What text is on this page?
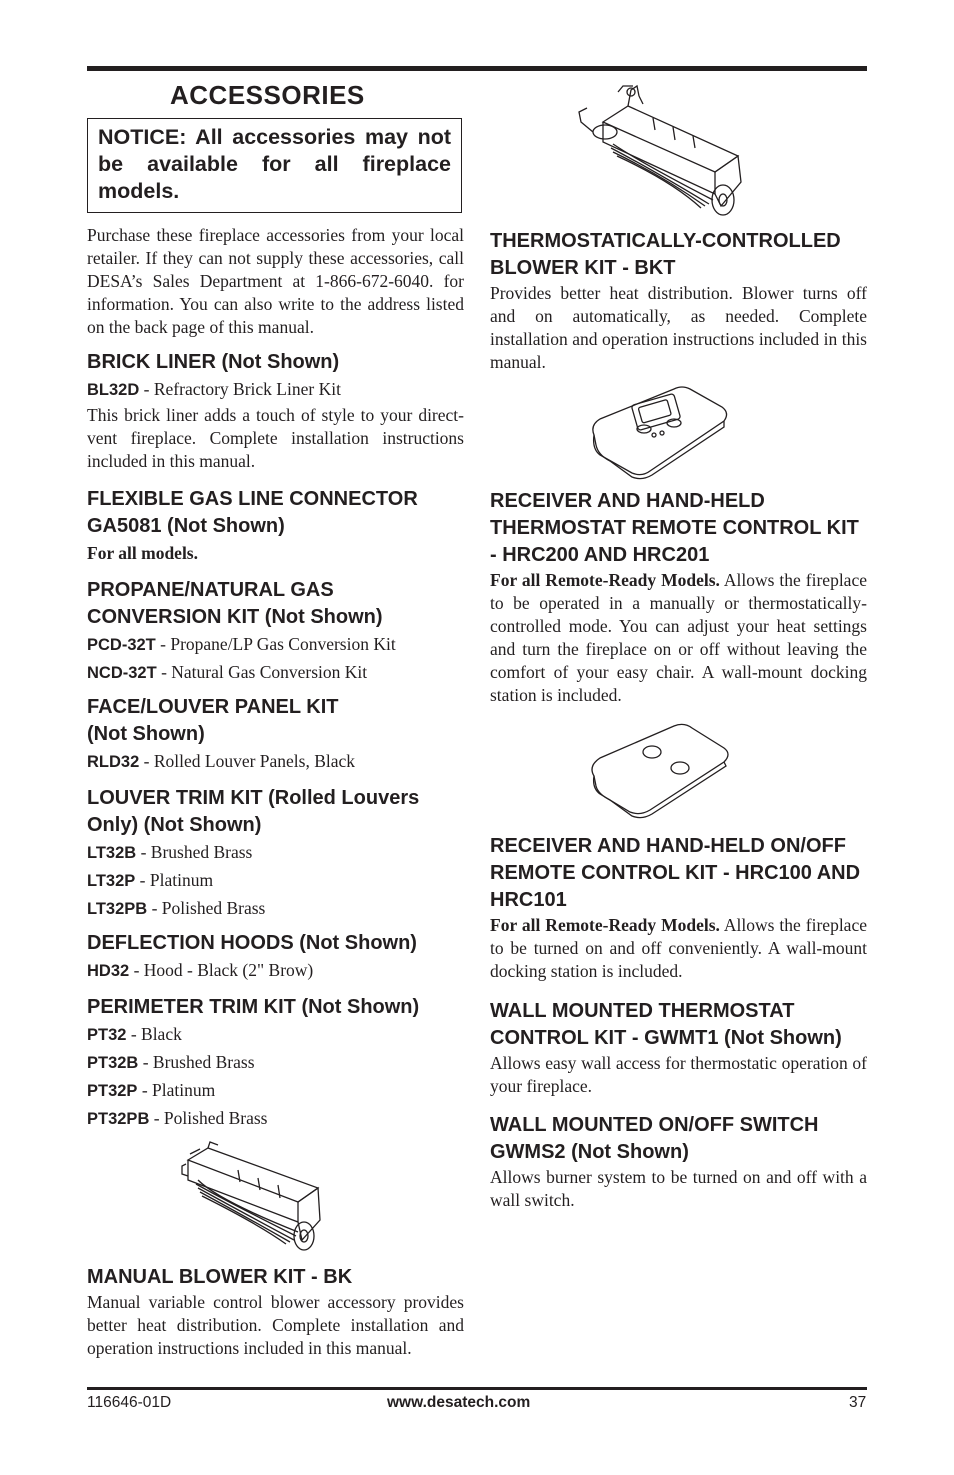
ACCESSORIES
NOTICE: All accessories may not be available for all fireplace models.

Purchase these fireplace accessories from your local retailer. If they can not supply these accessories, call DESA’s Sales Department at 1-866-672-6040. for information. You can also write to the address listed on the back page of this manual.

BRICK LINER (Not Shown)

BL32D - Refractory Brick Liner Kit

This brick liner adds a touch of style to your direct-vent fireplace. Complete installation instructions included in this manual.

FLEXIBLE GAS LINE CONNECTOR GA5081 (Not Shown)

For all models.

PROPANE/NATURAL GAS CONVERSION KIT (Not Shown)

PCD-32T - Propane/LP Gas Conversion Kit

NCD-32T - Natural Gas Conversion Kit

FACE/LOUVER PANEL KIT (Not Shown)

RLD32 - Rolled Louver Panels, Black

LOUVER TRIM KIT (Rolled Louvers Only) (Not Shown)

LT32B - Brushed Brass

LT32P - Platinum

LT32PB - Polished Brass

DEFLECTION HOODS (Not Shown)

HD32 - Hood - Black (2" Brow)

PERIMETER TRIM KIT (Not Shown)

PT32 - Black

PT32B - Brushed Brass

PT32P - Platinum

PT32PB - Polished Brass

MANUAL BLOWER KIT - BK

Manual variable control blower accessory provides better heat distribution. Complete installation and operation instructions included in this manual.

THERMOSTATICALLY-CONTROLLED BLOWER KIT - BKT

Provides better heat distribution. Blower turns off and on automatically, as needed. Complete installation and operation instructions included in this manual.

RECEIVER AND HAND-HELD THERMOSTAT REMOTE CONTROL KIT - HRC200 AND HRC201

For all Remote-Ready Models. Allows the fireplace to be operated in a manually or thermostatically-controlled mode. You can adjust your heat settings and turn the fireplace on or off without leaving the comfort of your easy chair. A wall-mount docking station is included.

RECEIVER AND HAND-HELD ON/OFF REMOTE CONTROL KIT - HRC100 AND HRC101

For all Remote-Ready Models. Allows the fireplace to be turned on and off conveniently. A wall-mount docking station is included.

WALL MOUNTED THERMOSTAT CONTROL KIT - GWMT1 (Not Shown)

Allows easy wall access for thermostatic operation of your fireplace.

WALL MOUNTED ON/OFF SWITCH GWMS2 (Not Shown)

Allows burner system to be turned on and off with a wall switch.

116646-01D	www.desatech.com	37
